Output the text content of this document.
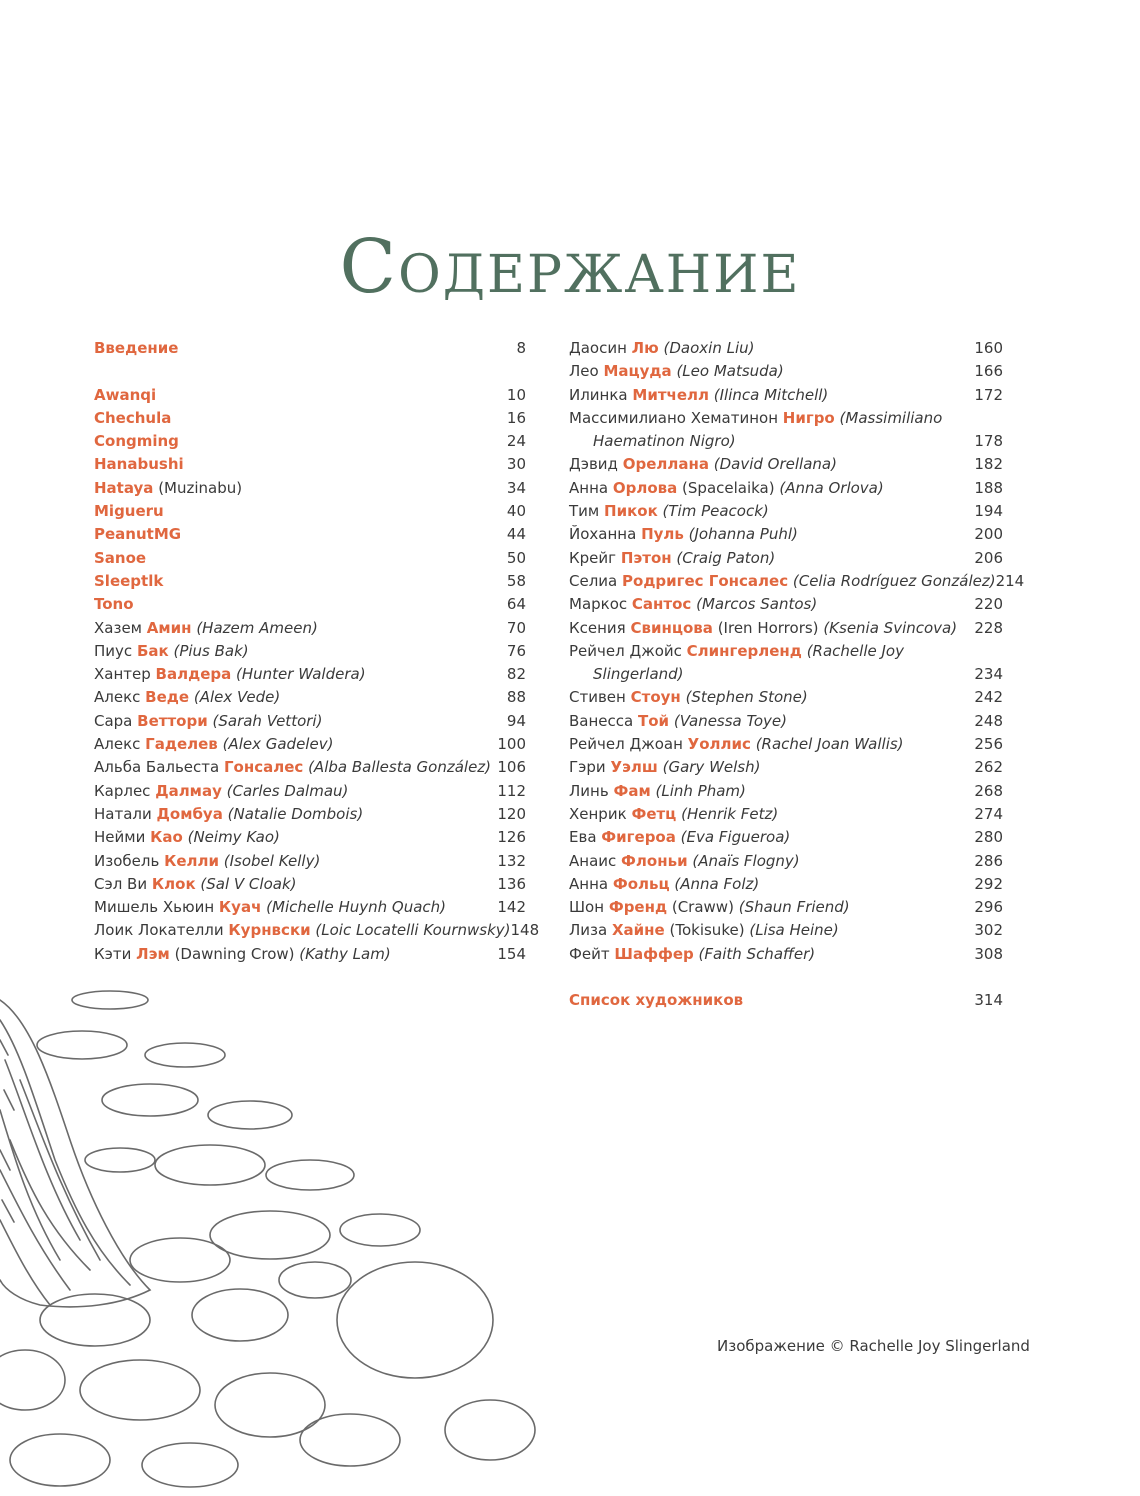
Содержание
Введение	8
Awanqi	10
Chechula	16
Congming	24
Hanabushi	30
Hataya (Muzinabu)	34
Migueru	40
PeanutMG	44
Sanoe	50
Sleeptlk	58
Tono	64
Хазем Амин (Hazem Ameen)	70
Пиус Бак (Pius Bak)	76
Хантер Валдера (Hunter Waldera)	82
Алекс Веде (Alex Vede)	88
Сара Веттори (Sarah Vettori)	94
Алекс Гаделев (Alex Gadelev)	100
Альба Бальеста Гонсалес (Alba Ballesta González) 106
Карлес Далмау (Carles Dalmau)	112
Натали Домбуа (Natalie Dombois)	120
Нейми Као (Neimy Kao)	126
Изобель Келли (Isobel Kelly)	132
Сэл Ви Клок (Sal V Cloak)	136
Мишель Хьюин Куач (Michelle Huynh Quach)	142
Лоик Локателли Курнвски (Loic Locatelli Kournwsky) 148
Кэти Лэм (Dawning Crow) (Kathy Lam)	154
Даосин Лю (Daoxin Liu)	160
Лео Мацуда (Leo Matsuda)	166
Илинка Митчелл (Ilinca Mitchell)	172
Массимилиано Хематинон Нигро (Massimiliano
Haematinon Nigro)	178
Дэвид Ореллана (David Orellana)	182
Анна Орлова (Spacelaika) (Anna Orlova)	188
Тим Пикок (Tim Peacock)	194
Йоханна Пуль (Johanna Puhl)	200
Крейг Пэтон (Craig Paton)	206
Селиа Родригес Гонсалес (Celia Rodríguez González) 214
Маркос Сантос (Marcos Santos)	220
Ксения Свинцова (Iren Horrors) (Ksenia Svincova)	228
Рейчел Джойс Слингерленд (Rachelle Joy
Slingerland)	234
Стивен Стоун (Stephen Stone)	242
Ванесса Той (Vanessa Toye)	248
Рейчел Джоан Уоллис (Rachel Joan Wallis)	256
Гэри Уэлш (Gary Welsh)	262
Линь Фам (Linh Pham)	268
Хенрик Фетц (Henrik Fetz)	274
Ева Фигероа (Eva Figueroa)	280
Анаис Флоньи (Anaïs Flogny)	286
Анна Фольц (Anna Folz)	292
Шон Френд (Craww) (Shaun Friend)	296
Лиза Хайне (Tokisuke) (Lisa Heine)	302
Фейт Шаффер (Faith Schaffer)	308
Список художников	314
Изображение © Rachelle Joy Slingerland
